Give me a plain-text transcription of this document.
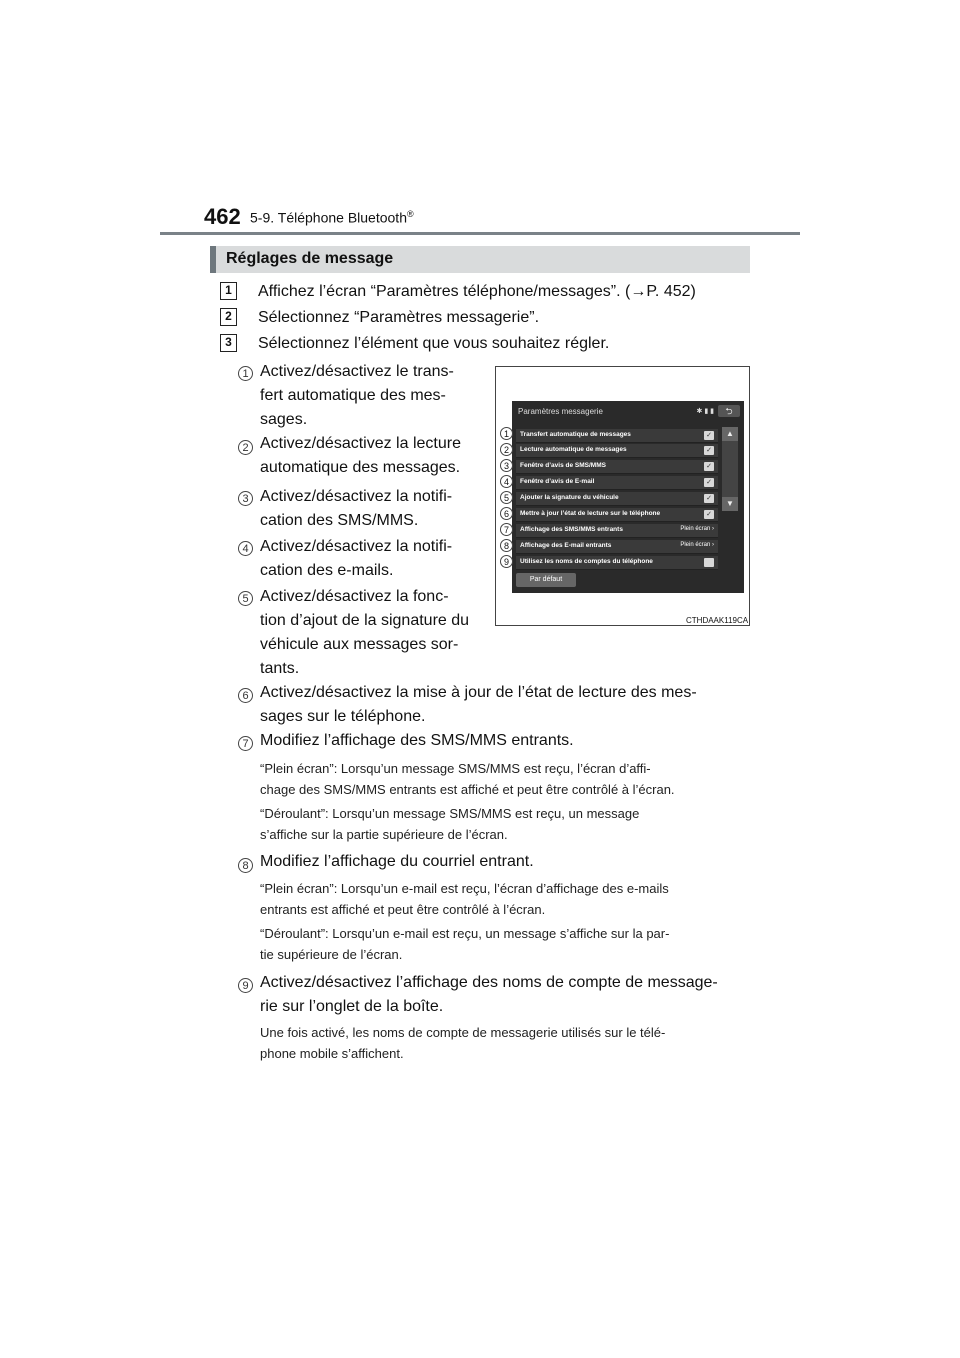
462 5-9. Téléphone Bluetooth®
Réglages de message
1	Affichez l’écran “Paramètres téléphone/messages”. (→P. 452)
2	Sélectionnez “Paramètres messagerie”.
3	Sélectionnez l’élément que vous souhaitez régler.
1 Activez/désactivez le trans-
fert automatique des mes-
sages.
2 Activez/désactivez la lecture
automatique des messages.
3 Activez/désactivez la notifi-
cation des SMS/MMS.
4 Activez/désactivez la notifi-
cation des e-mails.
5 Activez/désactivez la fonc-
tion d’ajout de la signature du
véhicule aux messages sor-
tants.
Paramètres messagerie	✱ ▮ ▮	⮌
Transfert automatique de messages	✓
Lecture automatique de messages	✓
Fenêtre d’avis de SMS/MMS	✓
Fenêtre d’avis de E-mail	✓
Ajouter la signature du véhicule	✓
Mettre à jour l’état de lecture sur le téléphone	✓
Affichage des SMS/MMS entrants	Plein écran ›
Affichage des E-mail entrants	Plein écran ›
Utilisez les noms de comptes du téléphone
▲
▼
Par défaut
1
2
3
4
5
6
7
8
9
CTHDAAK119CA
6 Activez/désactivez la mise à jour de l’état de lecture des mes-
sages sur le téléphone.
7 Modifiez l’affichage des SMS/MMS entrants.
“Plein écran”: Lorsqu’un message SMS/MMS est reçu, l’écran d’affi-
chage des SMS/MMS entrants est affiché et peut être contrôlé à l’écran.
“Déroulant”: Lorsqu’un message SMS/MMS est reçu, un message
s’affiche sur la partie supérieure de l’écran.
8 Modifiez l’affichage du courriel entrant.
“Plein écran”: Lorsqu’un e-mail est reçu, l’écran d’affichage des e-mails
entrants est affiché et peut être contrôlé à l’écran.
“Déroulant”: Lorsqu’un e-mail est reçu, un message s’affiche sur la par-
tie supérieure de l’écran.
9 Activez/désactivez l’affichage des noms de compte de message-
rie sur l’onglet de la boîte.
Une fois activé, les noms de compte de messagerie utilisés sur le télé-
phone mobile s’affichent.
